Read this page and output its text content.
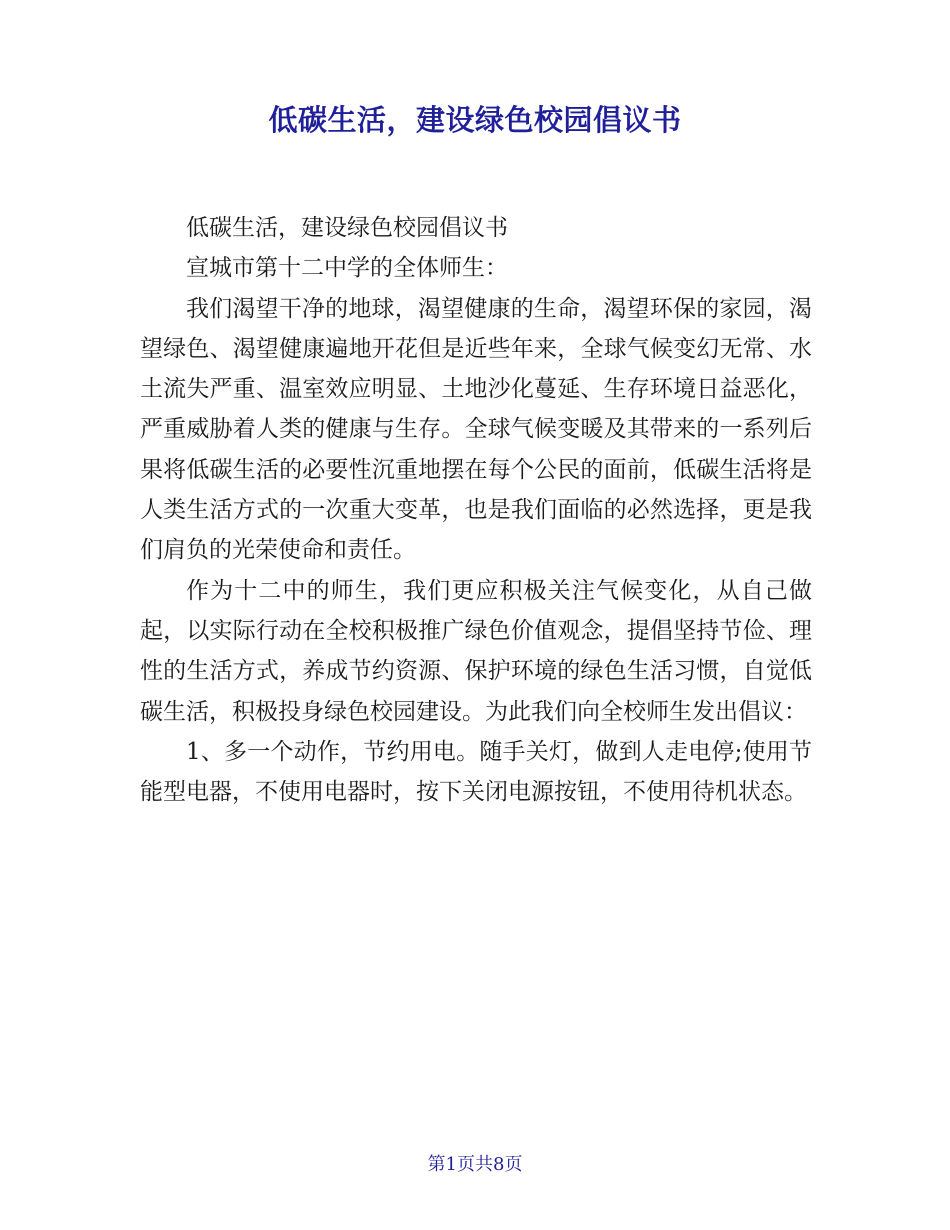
低碳生活，建设绿色校园倡议书

低碳生活，建设绿色校园倡议书

宣城市第十二中学的全体师生：

我们渴望干净的地球，渴望健康的生命，渴望环保的家园，渴望绿色、渴望健康遍地开花但是近些年来，全球气候变幻无常、水土流失严重、温室效应明显、土地沙化蔓延、生存环境日益恶化，严重威胁着人类的健康与生存。全球气候变暖及其带来的一系列后果将低碳生活的必要性沉重地摆在每个公民的面前，低碳生活将是人类生活方式的一次重大变革，也是我们面临的必然选择，更是我们肩负的光荣使命和责任。

作为十二中的师生，我们更应积极关注气候变化，从自己做起，以实际行动在全校积极推广绿色价值观念，提倡坚持节俭、理性的生活方式，养成节约资源、保护环境的绿色生活习惯，自觉低碳生活，积极投身绿色校园建设。为此我们向全校师生发出倡议：

1、多一个动作，节约用电。随手关灯，做到人走电停;使用节能型电器，不使用电器时，按下关闭电源按钮，不使用待机状态。

第1页共8页
